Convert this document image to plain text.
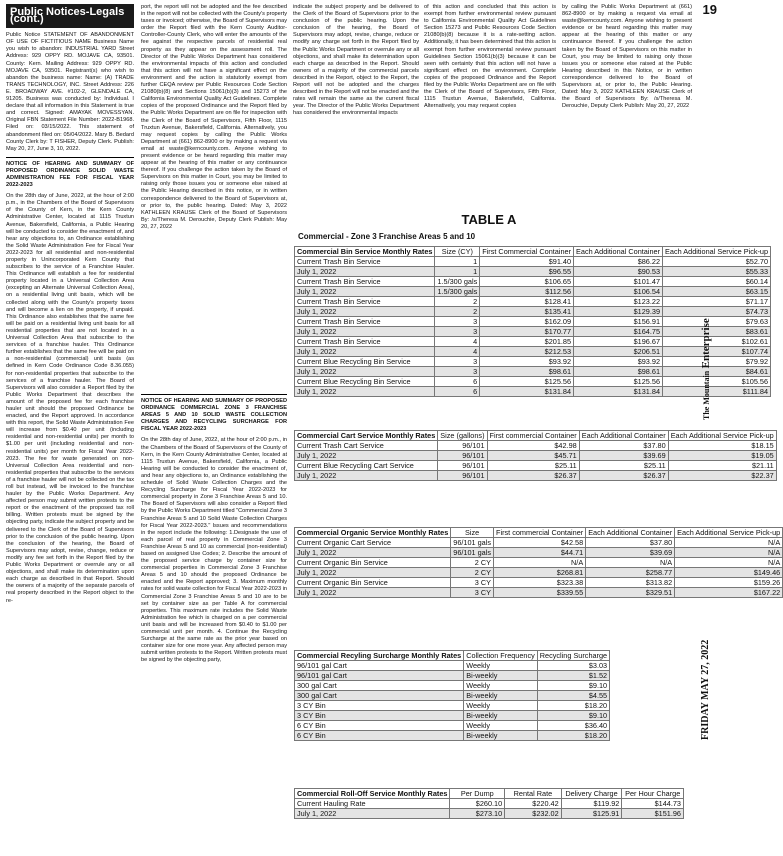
Public Notices-Legals (cont.)

Public Notice STATEMENT OF ABANDONMENT OF USE OF FICTITIOUS NAME Business Name you wish to abandon: INDUSTRIAL YARD Street Address: 929 OPPY RD. MOJAVE CA, 93501. County: Kern. Mailing Address: 929 OPPY RD. MOJAVE CA, 93501. Registrant(s) who wish to abandon the business name: Name: (A) TRADE TRANS TECHNOLOGY, INC. Street Address: 226 E. BROADWAY AVE. #102-2, GLENDALE CA, 91205. Business was conducted by: Individual. I declare that all information in this Statement is true and correct. Signed: AMAYAK MOVESSYAN. Original FBN Statement File Number: 2022-B1968. Filed on: 03/15/2022. This statement of abandonment filed on: 05/04/2022. Mary B. Bedard County Clerk by: T FISHER, Deputy Clerk. Publish: May 20, 27, June 3, 10, 2022.

NOTICE OF HEARING AND SUMMARY OF PROPOSED ORDINANCE SOLID WASTE ADMINISTRATION FEE FOR FISCAL YEAR 2022-2023

On the 28th day of June, 2022, at the hour of 2:00 p.m., in the Chambers of the Board of Supervisors of the County of Kern, in the Kern County Administrative Center, located at 1115 Truxtun Avenue, Bakersfield, California, a Public Hearing will be conducted to consider the enactment of, and hear any objections to, an Ordinance establishing the Solid Waste Administration Fee for Fiscal Year 2022-2023 for all residential and non-residential property in Unincorporated Kern County that subscribes to the service of a Franchise Hauler. This Ordinance will establish a fee for residential property located in a Universal Collection Area (excepting an Alternate Universal Collection Area), on a residential living unit basis, which will be collected along with the County's property taxes and will become a lien on the property, if unpaid. This Ordinance also establishes that the same fee will be paid on a residential living unit basis for all residential properties that are not located in a Universal Collection Area that subscribe to the services of a franchise hauler. This Ordinance further establishes that the same fee will be paid on a non-residential (commercial) unit basis (as defined in Kern Code Ordinance Code 8.36.055) for non-residential properties that subscribe to the services of a franchise hauler. The Board of Supervisors will also consider a Report filed by the Public Works Department that describes the amount of the proposed fee for each franchise hauler unit should the proposed Ordinance be enacted, and the Report approved. In accordance with this report, the Solid Waste Administration Fee will increase from $0.40 per unit (including residential and non-residential units) per month to $1.00 per unit (including residential and non-residential units) per month for Fiscal Year 2022-2023. The fee for waste generated on non-Universal Collection Area residential and non-residential properties that subscribe to the services of a franchise hauler will not be collected on the tax roll but instead, will be invoiced to the franchise hauler by the Public Works Department. Any affected person may submit written protests to the report or the enactment of the proposed tax roll billing. Written protests must be signed by the objecting party, indicate the subject property and be delivered to the Clerk of the Board of Supervisors prior to the conclusion of the public hearing. Upon the conclusion of the hearing, the Board of Supervisors may adopt, revise, change, reduce or modify any fee set forth in the Report filed by the Public Works Department or overrule any or all objections, and shall make its determination upon each charge as described in that Report. Should the owners of a majority of the separate parcels of real property described in the Report object to the re-

port, the report will not be adopted and the fee described in the report will not be collected with the County's property taxes or invoiced; otherwise, the Board of Supervisors may order the Report filed with the Kern County Auditor-Controller-County Clerk, who will enter the amounts of the fee against the respective parcels of residential real property as they appear on the assessment roll. The Director of the Public Works Department has considered the environmental impacts of this action and concluded that this action will not have a significant effect on the environment and the action is statutorily exempt from further CEQA review per Public Resources Code Section 21080(b)(8) and Sections 15061(b)(3) and 15273 of the California Environmental Quality Act Guidelines. Complete copies of the proposed Ordinance and the Report filed by the Public Works Department are on file for inspection with the Clerk of the Board of Supervisors, Fifth Floor, 1115 Truxtun Avenue, Bakersfield, California. Alternatively, you may request copies by calling the Public Works Department at (661) 862-8900 or by making a request via email at waste@kerncounty.com. Anyone wishing to present evidence or be heard regarding this matter may appear at the hearing of this matter or any continuance thereof. If you challenge the action taken by the Board of Supervisors on this matter in Court, you may be limited to raising only those issues you or someone else raised at the Public Hearing described in this notice, or in written correspondence delivered to the Board of Supervisors at, or prior to, the public hearing. Dated: May 3, 2022 KATHLEEN KRAUSE Clerk of the Board of Supervisors By: /s/Theresa M. Derouchie, Deputy Clerk Publish: May 20, 27, 2022

NOTICE OF HEARING AND SUMMARY OF PROPOSED ORDINANCE COMMERCIAL ZONE 3 FRANCHISE AREAS 5 AND 10 SOLID WASTE COLLECTION CHARGES AND RECYCLING SURCHARGE FOR FISCAL YEAR 2022-2023

On the 28th day of June, 2022, at the hour of 2:00 p.m., in the Chambers of the Board of Supervisors of the County of Kern, in the Kern County Administrative Center, located at 1115 Truxtun Avenue, Bakersfield, California, a Public Hearing will be conducted to consider the enactment of, and hear any objections to, an Ordinance establishing the schedule of Solid Waste Collection Charges and the Recycling Surcharge for Fiscal Year 2022-2023 for commercial property in Zone 3 Franchise Areas 5 and 10. The Board of Supervisors will also consider a Report filed by the Public Works Department titled "Commercial Zone 3 Franchise Areas 5 and 10 Solid Waste Collection Charges for Fiscal Year 2022-2023." Issues and recommendations in the report include the following: 1.Designate the use of each parcel of real property in Commercial Zone 3 Franchise Areas 5 and 10 as commercial (non-residential) based on assigned Use Codes; 2. Describe the amount of the proposed service charge by container size for commercial properties in Commercial Zone 3 Franchise Areas 5 and 10 should the proposed Ordinance be enacted and the Report approved; 3. Maximum monthly rates for solid waste collection for Fiscal Year 2022-2023 in Commercial Zone 3 Franchise Areas 5 and 10 are to be set by container size as per Table A for commercial properties. This maximum rate includes the Solid Waste Administration fee which is charged on a per commercial unit basis and will be increased from $0.40 to $1.00 per commercial unit per month. 4. Continue the Recycling Surcharge at the same rate as the prior year based on container size for one more year. Any affected person may submit written protests to the Report. Written protests must be signed by the objecting party,

indicate the subject property and be delivered to the Clerk of the Board of Supervisors prior to the conclusion of the public hearing. Upon the conclusion of the hearing, the Board of Supervisors may adopt, revise, change, reduce or modify any charge set forth in the Report filed by the Public Works Department or overrule any or all objections, and shall make its determination upon each charge as described in the Report. Should owners of a majority of the commercial parcels described in the Report, object to the Report, the Report will not be adopted and the charges described in the Report will not be enacted and the rates will remain the same as the current fiscal year. The Director of the Public Works Department has considered the environmental impacts

of this action and concluded that this action is exempt from further environmental review pursuant to California Environmental Quality Act Guidelines Section 15273 and Public Resources Code Section 21080(b)(8) because it is a rate-setting action. Additionally, it has been determined that this action is exempt from further environmental review pursuant Guidelines Section 15061(b)(3) because it can be seen with certainty that this action will not have a significant effect on the environment. Complete copies of the proposed Ordinance and the Report filed by the Public Works Department are on file with the Clerk of the Board of Supervisors, Fifth Floor, 1115 Truxtun Avenue, Bakersfield, California. Alternatively, you may request copies

by calling the Public Works Department at (661) 862-8900 or by making a request via email at waste@kerncounty.com. Anyone wishing to present evidence or be heard regarding this matter may appear at the hearing of this matter or any continuance thereof. If you challenge the action taken by the Board of Supervisors on this matter in Court, you may be limited to raising only those issues you or someone else raised at the Public Hearing described in this Notice, or in written correspondence delivered to the Board of Supervisors at, or prior to, the Public Hearing. Dated: May 3, 2022 KATHLEEN KRAUSE Clerk of the Board of Supervisors By: /s/Theresa M. Derouchie, Deputy Clerk Publish: May 20, 27, 2022

TABLE A
Commercial - Zone 3 Franchise Areas 5 and 10
Commercial Bin Service Monthly Rates	Size (CY)	First Commercial Container	Each Additional Container	Each Additional Service Pick-up
Current Trash Bin Service	1	$91.40	$86.22	$52.70
July 1, 2022	1	$96.55	$90.53	$55.33
Current Trash Bin Service	1.5/300 gals	$106.65	$101.47	$60.14
July 1, 2022	1.5/300 gals	$112.56	$106.54	$63.15
Current Trash Bin Service	2	$128.41	$123.22	$71.17
July 1, 2022	2	$135.41	$129.39	$74.73
Current Trash Bin Service	3	$162.09	$156.91	$79.63
July 1, 2022	3	$170.77	$164.75	$83.61
Current Trash Bin Service	4	$201.85	$196.67	$102.61
July 1, 2022	4	$212.53	$206.51	$107.74
Current Blue Recycling Bin Service	3	$93.92	$93.92	$79.92
July 1, 2022	3	$98.61	$98.61	$84.61
Current Blue Recycling Bin Service	6	$125.56	$125.56	$105.56
July 1, 2022	6	$131.84	$131.84	$111.84
Commercial Cart Service Monthly Rates	Size (gallons)	First commercial Container	Each Additional Container	Each Additional Service Pick-up
Current Trash Cart Service	96/101	$42.98	$37.80	$18.15
July 1, 2022	96/101	$45.71	$39.69	$19.05
Current Blue Recycling Cart Service	96/101	$25.11	$25.11	$21.11
July 1, 2022	96/101	$26.37	$26.37	$22.37
Commercial Organic Service Monthly Rates	Size	First commercial Container	Each Additional Container	Each Additional Service Pick-up
Current Organic Cart Service	96/101 gals	$42.58	$37.80	N/A
July 1, 2022	96/101 gals	$44.71	$39.69	N/A
Current Organic Bin Service	2 CY	N/A	N/A	N/A
July 1, 2022	2 CY	$268.81	$258.77	$149.46
Current Organic Bin Service	3 CY	$323.38	$313.82	$159.26
July 1, 2022	3 CY	$339.55	$329.51	$167.22
Commercial Recyling Surcharge Monthly Rates	Collection Frequency	Recycling Surcharge
96/101 gal Cart	Weekly	$3.03
96/101 gal Cart	Bi-weekly	$1.52
300 gal Cart	Weekly	$9.10
300 gal Cart	Bi-weekly	$4.55
3 CY Bin	Weekly	$18.20
3 CY Bin	Bi-weekly	$9.10
6 CY Bin	Weekly	$36.40
6 CY Bin	Bi-weekly	$18.20
Commercial Roll-Off Service Monthly Rates	Per Dump	Rental Rate	Delivery Charge	Per Hour Charge
Current Hauling Rate	$260.10	$220.42	$119.92	$144.73
July 1, 2022	$273.10	$232.02	$125.91	$151.96
19
The Mountain Enterprise
FRIDAY MAY 27, 2022
